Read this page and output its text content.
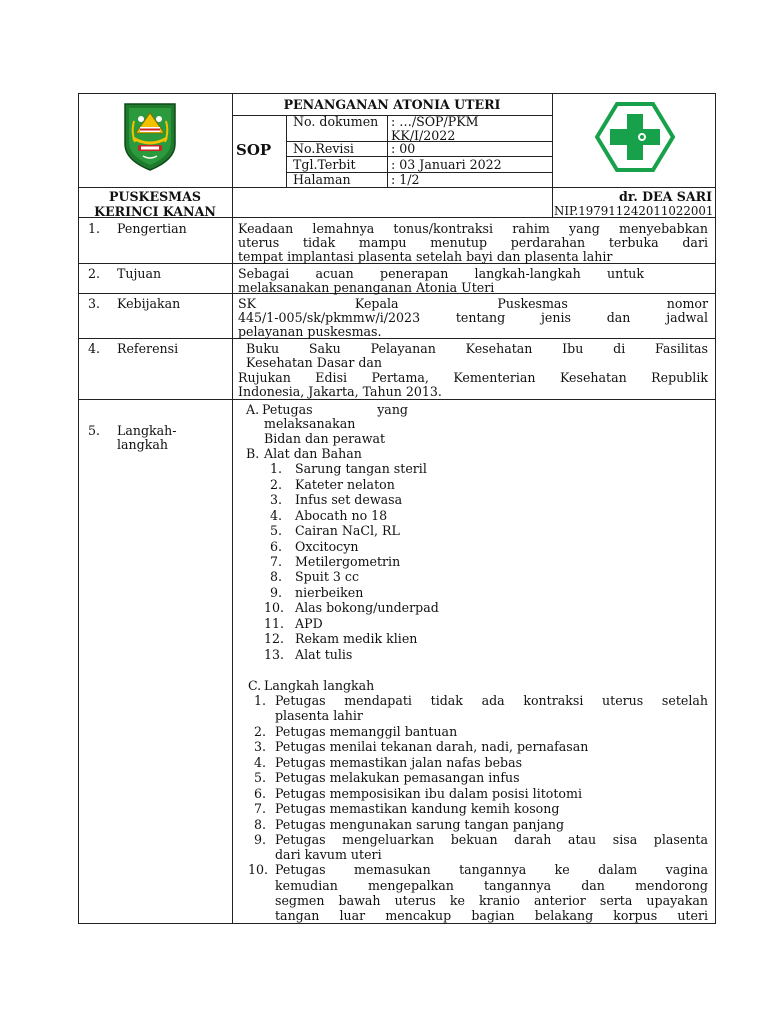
PENANGANAN ATONIA UTERI
SOP
No. dokumen : …/SOP/PKM
KK/I/2022
No.Revisi	: 00
Tgl.Terbit	: 03 Januari 2022
Halaman	: 1/2
PUSKESMAS
KERINCI KANAN
dr. DEA SARI
NIP.197911242011022001
1. Pengertian	Keadaan lemahnya tonus/kontraksi rahim yang menyebabkan
uterus tidak mampu menutup perdarahan terbuka dari
tempat implantasi plasenta setelah bayi dan plasenta lahir
2. Tujuan	Sebagai acuan penerapan langkah-langkah untuk
melaksanakan penanganan Atonia Uteri
3. Kebijakan	SK Kepala Puskesmas nomor
445/1-005/sk/pkmmw/i/2023 tentang jenis dan jadwal
pelayanan puskesmas.
4. Referensi	Buku Saku Pelayanan Kesehatan Ibu di Fasilitas
Kesehatan Dasar dan
Rujukan Edisi Pertama, Kementerian Kesehatan Republik
Indonesia, Jakarta, Tahun 2013.
5. Langkah-
langkah
A. Petugas yang
melaksanakan
Bidan dan perawat
B. Alat dan Bahan
1. Sarung tangan steril
2. Kateter nelaton
3. Infus set dewasa
4. Abocath no 18
5. Cairan NaCl, RL
6. Oxcitocyn
7. Metilergometrin
8. Spuit 3 cc
9. nierbeiken
10. Alas bokong/underpad
11. APD
12. Rekam medik klien
13. Alat tulis
C. Langkah langkah
1. Petugas mendapati tidak ada kontraksi uterus setelah
plasenta lahir
2. Petugas memanggil bantuan
3. Petugas menilai tekanan darah, nadi, pernafasan
4. Petugas memastikan jalan nafas bebas
5. Petugas melakukan pemasangan infus
6. Petugas memposisikan ibu dalam posisi litotomi
7. Petugas memastikan kandung kemih kosong
8. Petugas mengunakan sarung tangan panjang
9. Petugas mengeluarkan bekuan darah atau sisa plasenta
dari kavum uteri
10. Petugas memasukan tangannya ke dalam vagina
kemudian mengepalkan tangannya dan mendorong
segmen bawah uterus ke kranio anterior serta upayakan
tangan luar mencakup bagian belakang korpus uteri
